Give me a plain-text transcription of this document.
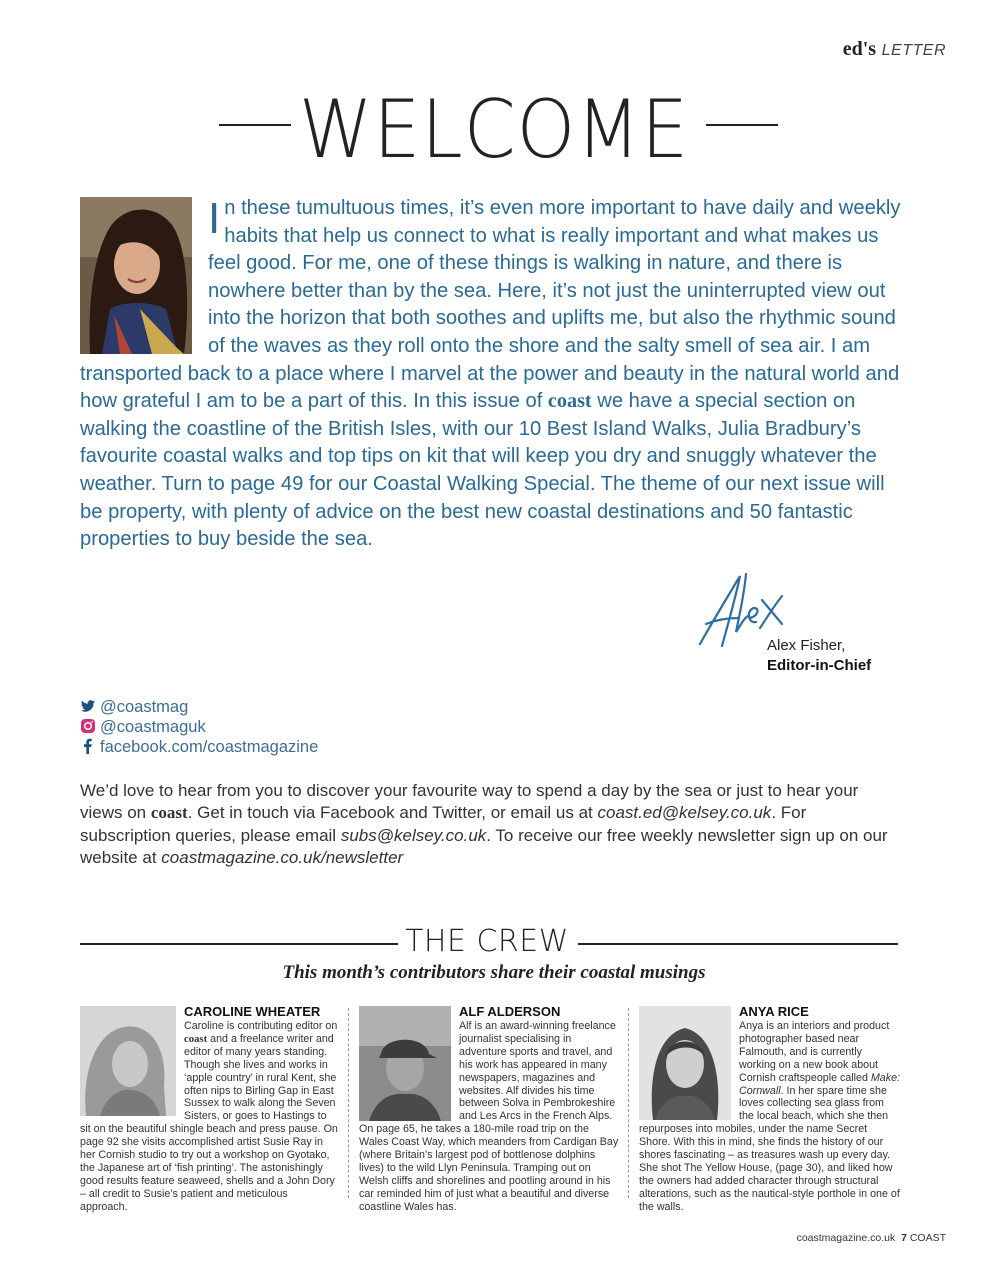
ed's LETTER
WELCOME
I n these tumultuous times, it’s even more important to have daily and weekly habits that help us connect to what is really important and what makes us feel good. For me, one of these things is walking in nature, and there is nowhere better than by the sea. Here, it’s not just the uninterrupted view out into the horizon that both soothes and uplifts me, but also the rhythmic sound of the waves as they roll onto the shore and the salty smell of sea air. I am transported back to a place where I marvel at the power and beauty in the natural world and how grateful I am to be a part of this. In this issue of coast we have a special section on walking the coastline of the British Isles, with our 10 Best Island Walks, Julia Bradbury’s favourite coastal walks and top tips on kit that will keep you dry and snuggly whatever the weather. Turn to page 49 for our Coastal Walking Special. The theme of our next issue will be property, with plenty of advice on the best new coastal destinations and 50 fantastic properties to buy beside the sea.
Alex Fisher,
Editor-in-Chief
@coastmag
@coastmaguk
facebook.com/coastmagazine
We’d love to hear from you to discover your favourite way to spend a day by the sea or just to hear your views on coast. Get in touch via Facebook and Twitter, or email us at coast.ed@kelsey.co.uk. For subscription queries, please email subs@kelsey.co.uk. To receive our free weekly newsletter sign up on our website at coastmagazine.co.uk/newsletter
THE CREW
This month’s contributors share their coastal musings
CAROLINE WHEATER
Caroline is contributing editor on coast and a freelance writer and editor of many years standing. Though she lives and works in ‘apple country’ in rural Kent, she often nips to Birling Gap in East Sussex to walk along the Seven Sisters, or goes to Hastings to sit on the beautiful shingle beach and press pause. On page 92 she visits accomplished artist Susie Ray in her Cornish studio to try out a workshop on Gyotako, the Japanese art of ‘fish printing’. The astonishingly good results feature seaweed, shells and a John Dory – all credit to Susie’s patient and meticulous approach.
ALF ALDERSON
Alf is an award-winning freelance journalist specialising in adventure sports and travel, and his work has appeared in many newspapers, magazines and websites. Alf divides his time between Solva in Pembrokeshire and Les Arcs in the French Alps. On page 65, he takes a 180-mile road trip on the Wales Coast Way, which meanders from Cardigan Bay (where Britain’s largest pod of bottlenose dolphins lives) to the wild Llyn Peninsula. Tramping out on Welsh cliffs and shorelines and pootling around in his car reminded him of just what a beautiful and diverse coastline Wales has.
ANYA RICE
Anya is an interiors and product photographer based near Falmouth, and is currently working on a new book about Cornish craftspeople called Make: Cornwall. In her spare time she loves collecting sea glass from the local beach, which she then repurposes into mobiles, under the name Secret Shore. With this in mind, she finds the history of our shores fascinating – as treasures wash up every day. She shot The Yellow House, (page 30), and liked how the owners had added character through structural alterations, such as the nautical-style porthole in one of the walls.
coastmagazine.co.uk 7 COAST
